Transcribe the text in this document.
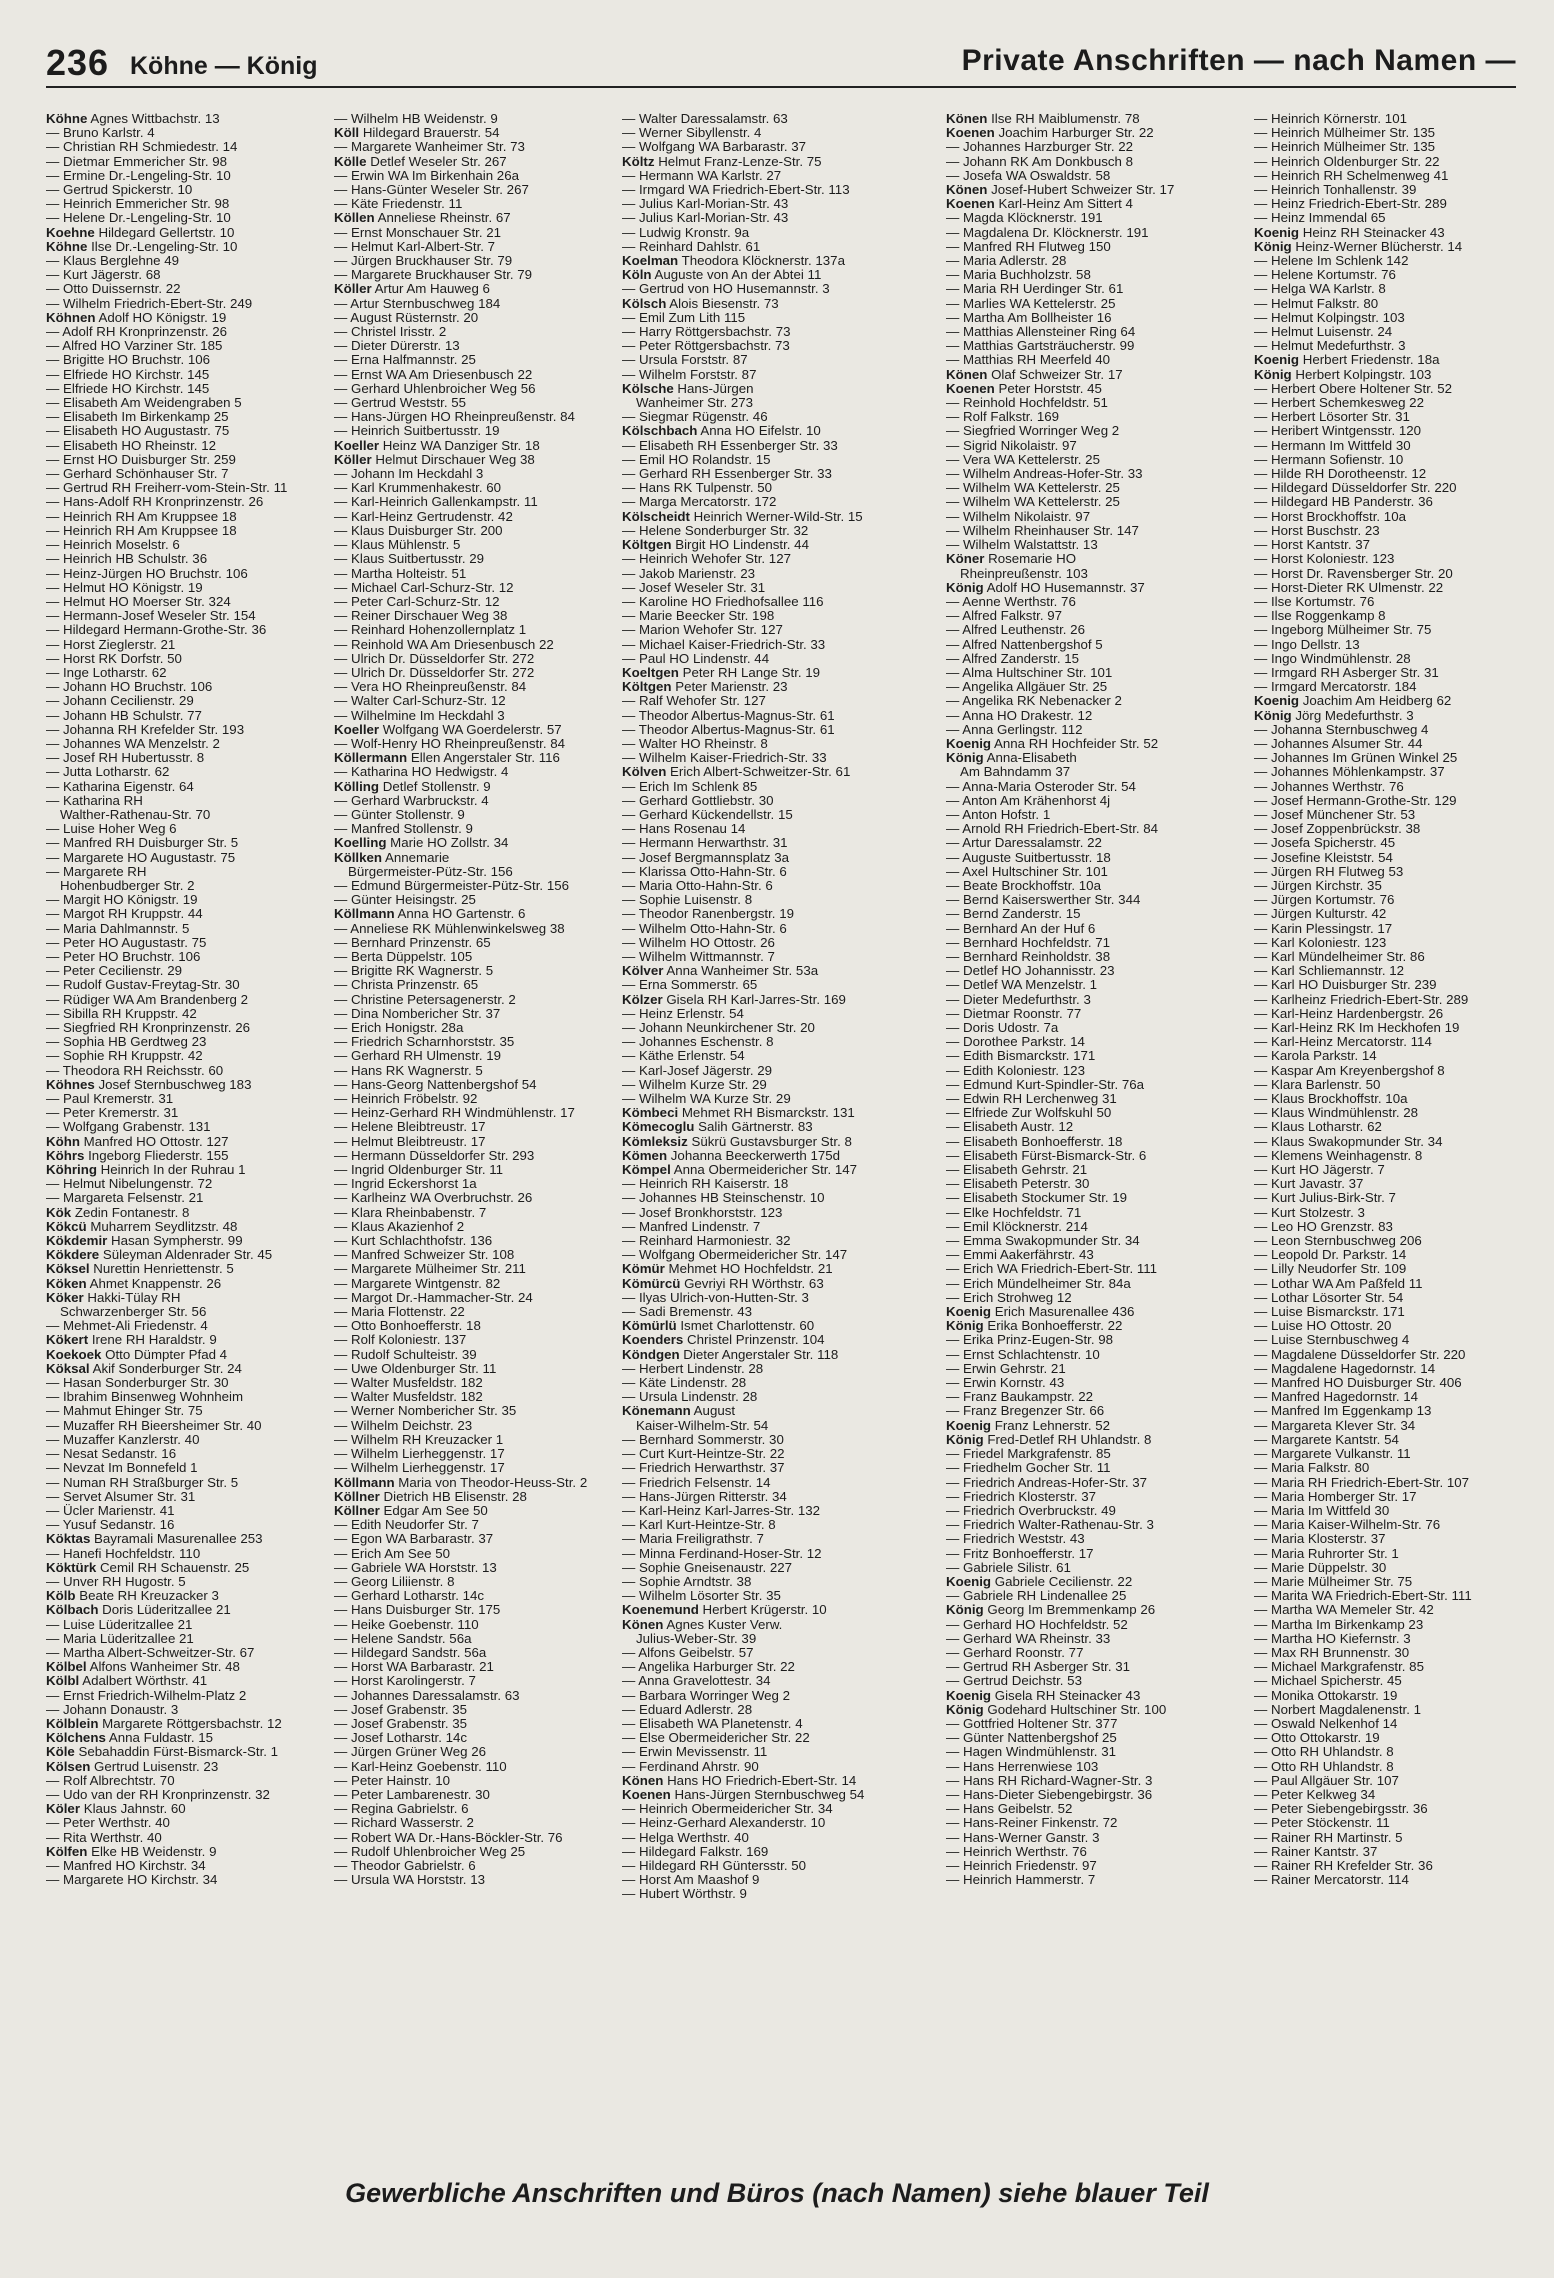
236 Köhne — König	Private Anschriften — nach Namen —
Köhne Agnes Wittbachstr. 13
— Bruno Karlstr. 4
— Christian RH Schmiedestr. 14
— Dietmar Emmericher Str. 98
— Ermine Dr.-Lengeling-Str. 10
— Gertrud Spickerstr. 10
— Heinrich Emmericher Str. 98
— Helene Dr.-Lengeling-Str. 10
Koehne Hildegard Gellertstr. 10
Köhne Ilse Dr.-Lengeling-Str. 10
— Klaus Berglehne 49
— Kurt Jägerstr. 68
— Otto Duissernstr. 22
— Wilhelm Friedrich-Ebert-Str. 249
Köhnen Adolf HO Königstr. 19
— Adolf RH Kronprinzenstr. 26
— Alfred HO Varziner Str. 185
— Brigitte HO Bruchstr. 106
— Elfriede HO Kirchstr. 145
— Elfriede HO Kirchstr. 145
— Elisabeth Am Weidengraben 5
— Elisabeth Im Birkenkamp 25
— Elisabeth HO Augustastr. 75
— Elisabeth HO Rheinstr. 12
— Ernst HO Duisburger Str. 259
— Gerhard Schönhauser Str. 7
— Gertrud RH Freiherr-vom-Stein-Str. 11
— Hans-Adolf RH Kronprinzenstr. 26
— Heinrich RH Am Kruppsee 18
— Heinrich RH Am Kruppsee 18
— Heinrich Moselstr. 6
— Heinrich HB Schulstr. 36
— Heinz-Jürgen HO Bruchstr. 106
— Helmut HO Königstr. 19
— Helmut HO Moerser Str. 324
— Hermann-Josef Weseler Str. 154
— Hildegard Hermann-Grothe-Str. 36
— Horst Zieglerstr. 21
— Horst RK Dorfstr. 50
— Inge Lotharstr. 62
— Johann HO Bruchstr. 106
— Johann Cecilienstr. 29
— Johann HB Schulstr. 77
— Johanna RH Krefelder Str. 193
— Johannes WA Menzelstr. 2
— Josef RH Hubertusstr. 8
— Jutta Lotharstr. 62
— Katharina Eigenstr. 64
— Katharina RH
Walther-Rathenau-Str. 70
— Luise Hoher Weg 6
— Manfred RH Duisburger Str. 5
— Margarete HO Augustastr. 75
— Margarete RH
Hohenbudberger Str. 2
— Margit HO Königstr. 19
— Margot RH Kruppstr. 44
— Maria Dahlmannstr. 5
— Peter HO Augustastr. 75
— Peter HO Bruchstr. 106
— Peter Cecilienstr. 29
— Rudolf Gustav-Freytag-Str. 30
— Rüdiger WA Am Brandenberg 2
— Sibilla RH Kruppstr. 42
— Siegfried RH Kronprinzenstr. 26
— Sophia HB Gerdtweg 23
— Sophie RH Kruppstr. 42
— Theodora RH Reichsstr. 60
Köhnes Josef Sternbuschweg 183
— Paul Kremerstr. 31
— Peter Kremerstr. 31
— Wolfgang Grabenstr. 131
Köhn Manfred HO Ottostr. 127
Köhrs Ingeborg Fliederstr. 155
Köhring Heinrich In der Ruhrau 1
— Helmut Nibelungenstr. 72
— Margareta Felsenstr. 21
Kök Zedin Fontanestr. 8
Kökcü Muharrem Seydlitzstr. 48
Kökdemir Hasan Sympherstr. 99
Kökdere Süleyman Aldenrader Str. 45
Köksel Nurettin Henriettenstr. 5
Köken Ahmet Knappenstr. 26
Köker Hakki-Tülay RH
Schwarzenberger Str. 56
— Mehmet-Ali Friedenstr. 4
Kökert Irene RH Haraldstr. 9
Koekoek Otto Dümpter Pfad 4
Köksal Akif Sonderburger Str. 24
— Hasan Sonderburger Str. 30
— Ibrahim Binsenweg Wohnheim
— Mahmut Ehinger Str. 75
— Muzaffer RH Bieersheimer Str. 40
— Muzaffer Kanzlerstr. 40
— Nesat Sedanstr. 16
— Nevzat Im Bonnefeld 1
— Numan RH Straßburger Str. 5
— Servet Alsumer Str. 31
— Ücler Marienstr. 41
— Yusuf Sedanstr. 16
Köktas Bayramali Masurenallee 253
— Hanefi Hochfeldstr. 110
Köktürk Cemil RH Schauenstr. 25
— Unver RH Hugostr. 5
Kölb Beate RH Kreuzacker 3
Kölbach Doris Lüderitzallee 21
— Luise Lüderitzallee 21
— Maria Lüderitzallee 21
— Martha Albert-Schweitzer-Str. 67
Kölbel Alfons Wanheimer Str. 48
Kölbl Adalbert Wörthstr. 41
— Ernst Friedrich-Wilhelm-Platz 2
— Johann Donaustr. 3
Kölblein Margarete Röttgersbachstr. 12
Kölchens Anna Fuldastr. 15
Köle Sebahaddin Fürst-Bismarck-Str. 1
Kölsen Gertrud Luisenstr. 23
— Rolf Albrechtstr. 70
— Udo van der RH Kronprinzenstr. 32
Köler Klaus Jahnstr. 60
— Peter Werthstr. 40
— Rita Werthstr. 40
Kölfen Elke HB Weidenstr. 9
— Manfred HO Kirchstr. 34
— Margarete HO Kirchstr. 34
— Wilhelm HB Weidenstr. 9
Köll Hildegard Brauerstr. 54
— Margarete Wanheimer Str. 73
Kölle Detlef Weseler Str. 267
— Erwin WA Im Birkenhain 26a
— Hans-Günter Weseler Str. 267
— Käte Friedenstr. 11
Köllen Anneliese Rheinstr. 67
— Ernst Monschauer Str. 21
— Helmut Karl-Albert-Str. 7
— Jürgen Bruckhauser Str. 79
— Margarete Bruckhauser Str. 79
Köller Artur Am Hauweg 6
— Artur Sternbuschweg 184
— August Rüsternstr. 20
— Christel Irisstr. 2
— Dieter Dürerstr. 13
— Erna Halfmannstr. 25
— Ernst WA Am Driesenbusch 22
— Gerhard Uhlenbroicher Weg 56
— Gertrud Weststr. 55
— Hans-Jürgen HO Rheinpreußenstr. 84
— Heinrich Suitbertusstr. 19
Koeller Heinz WA Danziger Str. 18
Köller Helmut Dirschauer Weg 38
— Johann Im Heckdahl 3
— Karl Krummenhakestr. 60
— Karl-Heinrich Gallenkampstr. 11
— Karl-Heinz Gertrudenstr. 42
— Klaus Duisburger Str. 200
— Klaus Mühlenstr. 5
— Klaus Suitbertusstr. 29
— Martha Holteistr. 51
— Michael Carl-Schurz-Str. 12
— Peter Carl-Schurz-Str. 12
— Reiner Dirschauer Weg 38
— Reinhard Hohenzollernplatz 1
— Reinhold WA Am Driesenbusch 22
— Ulrich Dr. Düsseldorfer Str. 272
— Ulrich Dr. Düsseldorfer Str. 272
— Vera HO Rheinpreußenstr. 84
— Walter Carl-Schurz-Str. 12
— Wilhelmine Im Heckdahl 3
Koeller Wolfgang WA Goerdelerstr. 57
— Wolf-Henry HO Rheinpreußenstr. 84
Köllermann Ellen Angerstaler Str. 116
— Katharina HO Hedwigstr. 4
Kölling Detlef Stollenstr. 9
— Gerhard Warbruckstr. 4
— Günter Stollenstr. 9
— Manfred Stollenstr. 9
Koelling Marie HO Zollstr. 34
Köllken Annemarie
Bürgermeister-Pütz-Str. 156
— Edmund Bürgermeister-Pütz-Str. 156
— Günter Heisingstr. 25
Köllmann Anna HO Gartenstr. 6
— Anneliese RK Mühlenwinkelsweg 38
— Bernhard Prinzenstr. 65
— Berta Düppelstr. 105
— Brigitte RK Wagnerstr. 5
— Christa Prinzenstr. 65
— Christine Petersagenerstr. 2
— Dina Nombericher Str. 37
— Erich Honigstr. 28a
— Friedrich Scharnhorststr. 35
— Gerhard RH Ulmenstr. 19
— Hans RK Wagnerstr. 5
— Hans-Georg Nattenbergshof 54
— Heinrich Fröbelstr. 92
— Heinz-Gerhard RH Windmühlenstr. 17
— Helene Bleibtreustr. 17
— Helmut Bleibtreustr. 17
— Hermann Düsseldorfer Str. 293
— Ingrid Oldenburger Str. 11
— Ingrid Eckershorst 1a
— Karlheinz WA Overbruchstr. 26
— Klara Rheinbabenstr. 7
— Klaus Akazienhof 2
— Kurt Schlachthofstr. 136
— Manfred Schweizer Str. 108
— Margarete Mülheimer Str. 211
— Margarete Wintgenstr. 82
— Margot Dr.-Hammacher-Str. 24
— Maria Flottenstr. 22
— Otto Bonhoefferstr. 18
— Rolf Koloniestr. 137
— Rudolf Schulteistr. 39
— Uwe Oldenburger Str. 11
— Walter Musfeldstr. 182
— Walter Musfeldstr. 182
— Werner Nombericher Str. 35
— Wilhelm Deichstr. 23
— Wilhelm RH Kreuzacker 1
— Wilhelm Lierheggenstr. 17
— Wilhelm Lierheggenstr. 17
Köllmann Maria von Theodor-Heuss-Str. 2
Köllner Dietrich HB Elisenstr. 28
Köllner Edgar Am See 50
— Edith Neudorfer Str. 7
— Egon WA Barbarastr. 37
— Erich Am See 50
— Gabriele WA Horststr. 13
— Georg Liliienstr. 8
— Gerhard Lotharstr. 14c
— Hans Duisburger Str. 175
— Heike Goebenstr. 110
— Helene Sandstr. 56a
— Hildegard Sandstr. 56a
— Horst WA Barbarastr. 21
— Horst Karolingerstr. 7
— Johannes Daressalamstr. 63
— Josef Grabenstr. 35
— Josef Grabenstr. 35
— Josef Lotharstr. 14c
— Jürgen Grüner Weg 26
— Karl-Heinz Goebenstr. 110
— Peter Hainstr. 10
— Peter Lambarenestr. 30
— Regina Gabrielstr. 6
— Richard Wasserstr. 2
— Robert WA Dr.-Hans-Böckler-Str. 76
— Rudolf Uhlenbroicher Weg 25
— Theodor Gabrielstr. 6
— Ursula WA Horststr. 13
— Walter Daressalamstr. 63
— Werner Sibyllenstr. 4
— Wolfgang WA Barbarastr. 37
Költz Helmut Franz-Lenze-Str. 75
— Hermann WA Karlstr. 27
— Irmgard WA Friedrich-Ebert-Str. 113
— Julius Karl-Morian-Str. 43
— Julius Karl-Morian-Str. 43
— Ludwig Kronstr. 9a
— Reinhard Dahlstr. 61
Koelman Theodora Klöcknerstr. 137a
Köln Auguste von An der Abtei 11
— Gertrud von HO Husemannstr. 3
Kölsch Alois Biesenstr. 73
— Emil Zum Lith 115
— Harry Röttgersbachstr. 73
— Peter Röttgersbachstr. 73
— Ursula Forststr. 87
— Wilhelm Forststr. 87
Kölsche Hans-Jürgen
Wanheimer Str. 273
— Siegmar Rügenstr. 46
Kölschbach Anna HO Eifelstr. 10
— Elisabeth RH Essenberger Str. 33
— Emil HO Rolandstr. 15
— Gerhard RH Essenberger Str. 33
— Hans RK Tulpenstr. 50
— Marga Mercatorstr. 172
Kölscheidt Heinrich Werner-Wild-Str. 15
— Helene Sonderburger Str. 32
Költgen Birgit HO Lindenstr. 44
— Heinrich Wehofer Str. 127
— Jakob Marienstr. 23
— Josef Weseler Str. 31
— Karoline HO Friedhofsallee 116
— Marie Beecker Str. 198
— Marion Wehofer Str. 127
— Michael Kaiser-Friedrich-Str. 33
— Paul HO Lindenstr. 44
Koeltgen Peter RH Lange Str. 19
Költgen Peter Marienstr. 23
— Ralf Wehofer Str. 127
— Theodor Albertus-Magnus-Str. 61
— Theodor Albertus-Magnus-Str. 61
— Walter HO Rheinstr. 8
— Wilhelm Kaiser-Friedrich-Str. 33
Kölven Erich Albert-Schweitzer-Str. 61
— Erich Im Schlenk 85
— Gerhard Gottliebstr. 30
— Gerhard Kückendellstr. 15
— Hans Rosenau 14
— Hermann Herwarthstr. 31
— Josef Bergmannsplatz 3a
— Klarissa Otto-Hahn-Str. 6
— Maria Otto-Hahn-Str. 6
— Sophie Luisenstr. 8
— Theodor Ranenbergstr. 19
— Wilhelm Otto-Hahn-Str. 6
— Wilhelm HO Ottostr. 26
— Wilhelm Wittmannstr. 7
Kölver Anna Wanheimer Str. 53a
— Erna Sommerstr. 65
Kölzer Gisela RH Karl-Jarres-Str. 169
— Heinz Erlenstr. 54
— Johann Neunkirchener Str. 20
— Johannes Eschenstr. 8
— Käthe Erlenstr. 54
— Karl-Josef Jägerstr. 29
— Wilhelm Kurze Str. 29
— Wilhelm WA Kurze Str. 29
Kömbeci Mehmet RH Bismarckstr. 131
Kömecoglu Salih Gärtnerstr. 83
Kömleksiz Sükrü Gustavsburger Str. 8
Kömen Johanna Beeckerwerth 175d
Kömpel Anna Obermeidericher Str. 147
— Heinrich RH Kaiserstr. 18
— Johannes HB Steinschenstr. 10
— Josef Bronkhorststr. 123
— Manfred Lindenstr. 7
— Reinhard Harmoniestr. 32
— Wolfgang Obermeidericher Str. 147
Kömür Mehmet HO Hochfeldstr. 21
Kömürcü Gevriyi RH Wörthstr. 63
— Ilyas Ulrich-von-Hutten-Str. 3
— Sadi Bremenstr. 43
Kömürlü Ismet Charlottenstr. 60
Koenders Christel Prinzenstr. 104
Köndgen Dieter Angerstaler Str. 118
— Herbert Lindenstr. 28
— Käte Lindenstr. 28
— Ursula Lindenstr. 28
Könemann August
Kaiser-Wilhelm-Str. 54
— Bernhard Sommerstr. 30
— Curt Kurt-Heintze-Str. 22
— Friedrich Herwarthstr. 37
— Friedrich Felsenstr. 14
— Hans-Jürgen Ritterstr. 34
— Karl-Heinz Karl-Jarres-Str. 132
— Karl Kurt-Heintze-Str. 8
— Maria Freiligrathstr. 7
— Minna Ferdinand-Hoser-Str. 12
— Sophie Gneisenaustr. 227
— Sophie Arndtstr. 38
— Wilhelm Lösorter Str. 35
Koenemund Herbert Krügerstr. 10
Könen Agnes Kuster Verw.
Julius-Weber-Str. 39
— Alfons Geibelstr. 57
— Angelika Harburger Str. 22
— Anna Gravelottestr. 34
— Barbara Worringer Weg 2
— Eduard Adlerstr. 28
— Elisabeth WA Planetenstr. 4
— Else Obermeidericher Str. 22
— Erwin Mevissenstr. 11
— Ferdinand Ahrstr. 90
Könen Hans HO Friedrich-Ebert-Str. 14
Koenen Hans-Jürgen Sternbuschweg 54
— Heinrich Obermeidericher Str. 34
— Heinz-Gerhard Alexanderstr. 10
— Helga Werthstr. 40
— Hildegard Falkstr. 169
— Hildegard RH Güntersstr. 50
— Horst Am Maashof 9
— Hubert Wörthstr. 9
Könen Ilse RH Maiblumenstr. 78
Koenen Joachim Harburger Str. 22
— Johannes Harzburger Str. 22
— Johann RK Am Donkbusch 8
— Josefa WA Oswaldstr. 58
Könen Josef-Hubert Schweizer Str. 17
Koenen Karl-Heinz Am Sittert 4
— Magda Klöcknerstr. 191
— Magdalena Dr. Klöcknerstr. 191
— Manfred RH Flutweg 150
— Maria Adlerstr. 28
— Maria Buchholzstr. 58
— Maria RH Uerdinger Str. 61
— Marlies WA Kettelerstr. 25
— Martha Am Bollheister 16
— Matthias Allensteiner Ring 64
— Matthias Gartsträucherstr. 99
— Matthias RH Meerfeld 40
Könen Olaf Schweizer Str. 17
Koenen Peter Horststr. 45
— Reinhold Hochfeldstr. 51
— Rolf Falkstr. 169
— Siegfried Worringer Weg 2
— Sigrid Nikolaistr. 97
— Vera WA Kettelerstr. 25
— Wilhelm Andreas-Hofer-Str. 33
— Wilhelm WA Kettelerstr. 25
— Wilhelm WA Kettelerstr. 25
— Wilhelm Nikolaistr. 97
— Wilhelm Rheinhauser Str. 147
— Wilhelm Walstattstr. 13
Köner Rosemarie HO
Rheinpreußenstr. 103
König Adolf HO Husemannstr. 37
— Aenne Werthstr. 76
— Alfred Falkstr. 97
— Alfred Leuthenstr. 26
— Alfred Nattenbergshof 5
— Alfred Zanderstr. 15
— Alma Hultschiner Str. 101
— Angelika Allgäuer Str. 25
— Angelika RK Nebenacker 2
— Anna HO Drakestr. 12
— Anna Gerlingstr. 112
Koenig Anna RH Hochfeider Str. 52
König Anna-Elisabeth
Am Bahndamm 37
— Anna-Maria Osteroder Str. 54
— Anton Am Krähenhorst 4j
— Anton Hofstr. 1
— Arnold RH Friedrich-Ebert-Str. 84
— Artur Daressalamstr. 22
— Auguste Suitbertusstr. 18
— Axel Hultschiner Str. 101
— Beate Brockhoffstr. 10a
— Bernd Kaiserswerther Str. 344
— Bernd Zanderstr. 15
— Bernhard An der Huf 6
— Bernhard Hochfeldstr. 71
— Bernhard Reinholdstr. 38
— Detlef HO Johannisstr. 23
— Detlef WA Menzelstr. 1
— Dieter Medefurthstr. 3
— Dietmar Roonstr. 77
— Doris Udostr. 7a
— Dorothee Parkstr. 14
— Edith Bismarckstr. 171
— Edith Koloniestr. 123
— Edmund Kurt-Spindler-Str. 76a
— Edwin RH Lerchenweg 31
— Elfriede Zur Wolfskuhl 50
— Elisabeth Austr. 12
— Elisabeth Bonhoefferstr. 18
— Elisabeth Fürst-Bismarck-Str. 6
— Elisabeth Gehrstr. 21
— Elisabeth Peterstr. 30
— Elisabeth Stockumer Str. 19
— Elke Hochfeldstr. 71
— Emil Klöcknerstr. 214
— Emma Swakopmunder Str. 34
— Emmi Aakerfährstr. 43
— Erich WA Friedrich-Ebert-Str. 111
— Erich Mündelheimer Str. 84a
— Erich Strohweg 12
Koenig Erich Masurenallee 436
König Erika Bonhoefferstr. 22
— Erika Prinz-Eugen-Str. 98
— Ernst Schlachtenstr. 10
— Erwin Gehrstr. 21
— Erwin Kornstr. 43
— Franz Baukampstr. 22
— Franz Bregenzer Str. 66
Koenig Franz Lehnerstr. 52
König Fred-Detlef RH Uhlandstr. 8
— Friedel Markgrafenstr. 85
— Friedhelm Gocher Str. 11
— Friedrich Andreas-Hofer-Str. 37
— Friedrich Klosterstr. 37
— Friedrich Overbruckstr. 49
— Friedrich Walter-Rathenau-Str. 3
— Friedrich Weststr. 43
— Fritz Bonhoefferstr. 17
— Gabriele Silistr. 61
Koenig Gabriele Cecilienstr. 22
— Gabriele RH Lindenallee 25
König Georg Im Bremmenkamp 26
— Gerhard HO Hochfeldstr. 52
— Gerhard WA Rheinstr. 33
— Gerhard Roonstr. 77
— Gertrud RH Asberger Str. 31
— Gertrud Deichstr. 53
Koenig Gisela RH Steinacker 43
König Godehard Hultschiner Str. 100
— Gottfried Holtener Str. 377
— Günter Nattenbergshof 25
— Hagen Windmühlenstr. 31
— Hans Herrenwiese 103
— Hans RH Richard-Wagner-Str. 3
— Hans-Dieter Siebengebirgstr. 36
— Hans Geibelstr. 52
— Hans-Reiner Finkenstr. 72
— Hans-Werner Ganstr. 3
— Heinrich Werthstr. 76
— Heinrich Friedenstr. 97
— Heinrich Hammerstr. 7
— Heinrich Körnerstr. 101
— Heinrich Mülheimer Str. 135
— Heinrich Mülheimer Str. 135
— Heinrich Oldenburger Str. 22
— Heinrich RH Schelmenweg 41
— Heinrich Tonhallenstr. 39
— Heinz Friedrich-Ebert-Str. 289
— Heinz Immendal 65
Koenig Heinz RH Steinacker 43
König Heinz-Werner Blücherstr. 14
— Helene Im Schlenk 142
— Helene Kortumstr. 76
— Helga WA Karlstr. 8
— Helmut Falkstr. 80
— Helmut Kolpingstr. 103
— Helmut Luisenstr. 24
— Helmut Medefurthstr. 3
Koenig Herbert Friedenstr. 18a
König Herbert Kolpingstr. 103
— Herbert Obere Holtener Str. 52
— Herbert Schemkesweg 22
— Herbert Lösorter Str. 31
— Heribert Wintgensstr. 120
— Hermann Im Wittfeld 30
— Hermann Sofienstr. 10
— Hilde RH Dorotheenstr. 12
— Hildegard Düsseldorfer Str. 220
— Hildegard HB Panderstr. 36
— Horst Brockhoffstr. 10a
— Horst Buschstr. 23
— Horst Kantstr. 37
— Horst Koloniestr. 123
— Horst Dr. Ravensberger Str. 20
— Horst-Dieter RK Ulmenstr. 22
— Ilse Kortumstr. 76
— Ilse Roggenkamp 8
— Ingeborg Mülheimer Str. 75
— Ingo Dellstr. 13
— Ingo Windmühlenstr. 28
— Irmgard RH Asberger Str. 31
— Irmgard Mercatorstr. 184
Koenig Joachim Am Heidberg 62
König Jörg Medefurthstr. 3
— Johanna Sternbuschweg 4
— Johannes Alsumer Str. 44
— Johannes Im Grünen Winkel 25
— Johannes Möhlenkampstr. 37
— Johannes Werthstr. 76
— Josef Hermann-Grothe-Str. 129
— Josef Münchener Str. 53
— Josef Zoppenbrückstr. 38
— Josefa Spicherstr. 45
— Josefine Kleiststr. 54
— Jürgen RH Flutweg 53
— Jürgen Kirchstr. 35
— Jürgen Kortumstr. 76
— Jürgen Kulturstr. 42
— Karin Plessingstr. 17
— Karl Koloniestr. 123
— Karl Mündelheimer Str. 86
— Karl Schliemannstr. 12
— Karl HO Duisburger Str. 239
— Karlheinz Friedrich-Ebert-Str. 289
— Karl-Heinz Hardenbergstr. 26
— Karl-Heinz RK Im Heckhofen 19
— Karl-Heinz Mercatorstr. 114
— Karola Parkstr. 14
— Kaspar Am Kreyenbergshof 8
— Klara Barlenstr. 50
— Klaus Brockhoffstr. 10a
— Klaus Windmühlenstr. 28
— Klaus Lotharstr. 62
— Klaus Swakopmunder Str. 34
— Klemens Weinhagenstr. 8
— Kurt HO Jägerstr. 7
— Kurt Javastr. 37
— Kurt Julius-Birk-Str. 7
— Kurt Stolzestr. 3
— Leo HO Grenzstr. 83
— Leon Sternbuschweg 206
— Leopold Dr. Parkstr. 14
— Lilly Neudorfer Str. 109
— Lothar WA Am Paßfeld 11
— Lothar Lösorter Str. 54
— Luise Bismarckstr. 171
— Luise HO Ottostr. 20
— Luise Sternbuschweg 4
— Magdalene Düsseldorfer Str. 220
— Magdalene Hagedornstr. 14
— Manfred HO Duisburger Str. 406
— Manfred Hagedornstr. 14
— Manfred Im Eggenkamp 13
— Margareta Klever Str. 34
— Margarete Kantstr. 54
— Margarete Vulkanstr. 11
— Maria Falkstr. 80
— Maria RH Friedrich-Ebert-Str. 107
— Maria Homberger Str. 17
— Maria Im Wittfeld 30
— Maria Kaiser-Wilhelm-Str. 76
— Maria Klosterstr. 37
— Maria Ruhrorter Str. 1
— Marie Düppelstr. 30
— Marie Mülheimer Str. 75
— Marita WA Friedrich-Ebert-Str. 111
— Martha WA Memeler Str. 42
— Martha Im Birkenkamp 23
— Martha HO Kiefernstr. 3
— Max RH Brunnenstr. 30
— Michael Markgrafenstr. 85
— Michael Spicherstr. 45
— Monika Ottokarstr. 19
— Norbert Magdalenenstr. 1
— Oswald Nelkenhof 14
— Otto Ottokarstr. 19
— Otto RH Uhlandstr. 8
— Otto RH Uhlandstr. 8
— Paul Allgäuer Str. 107
— Peter Kelkweg 34
— Peter Siebengebirgsstr. 36
— Peter Stöckenstr. 11
— Rainer RH Martinstr. 5
— Rainer Kantstr. 37
— Rainer RH Krefelder Str. 36
— Rainer Mercatorstr. 114
Gewerbliche Anschriften und Büros (nach Namen) siehe blauer Teil
